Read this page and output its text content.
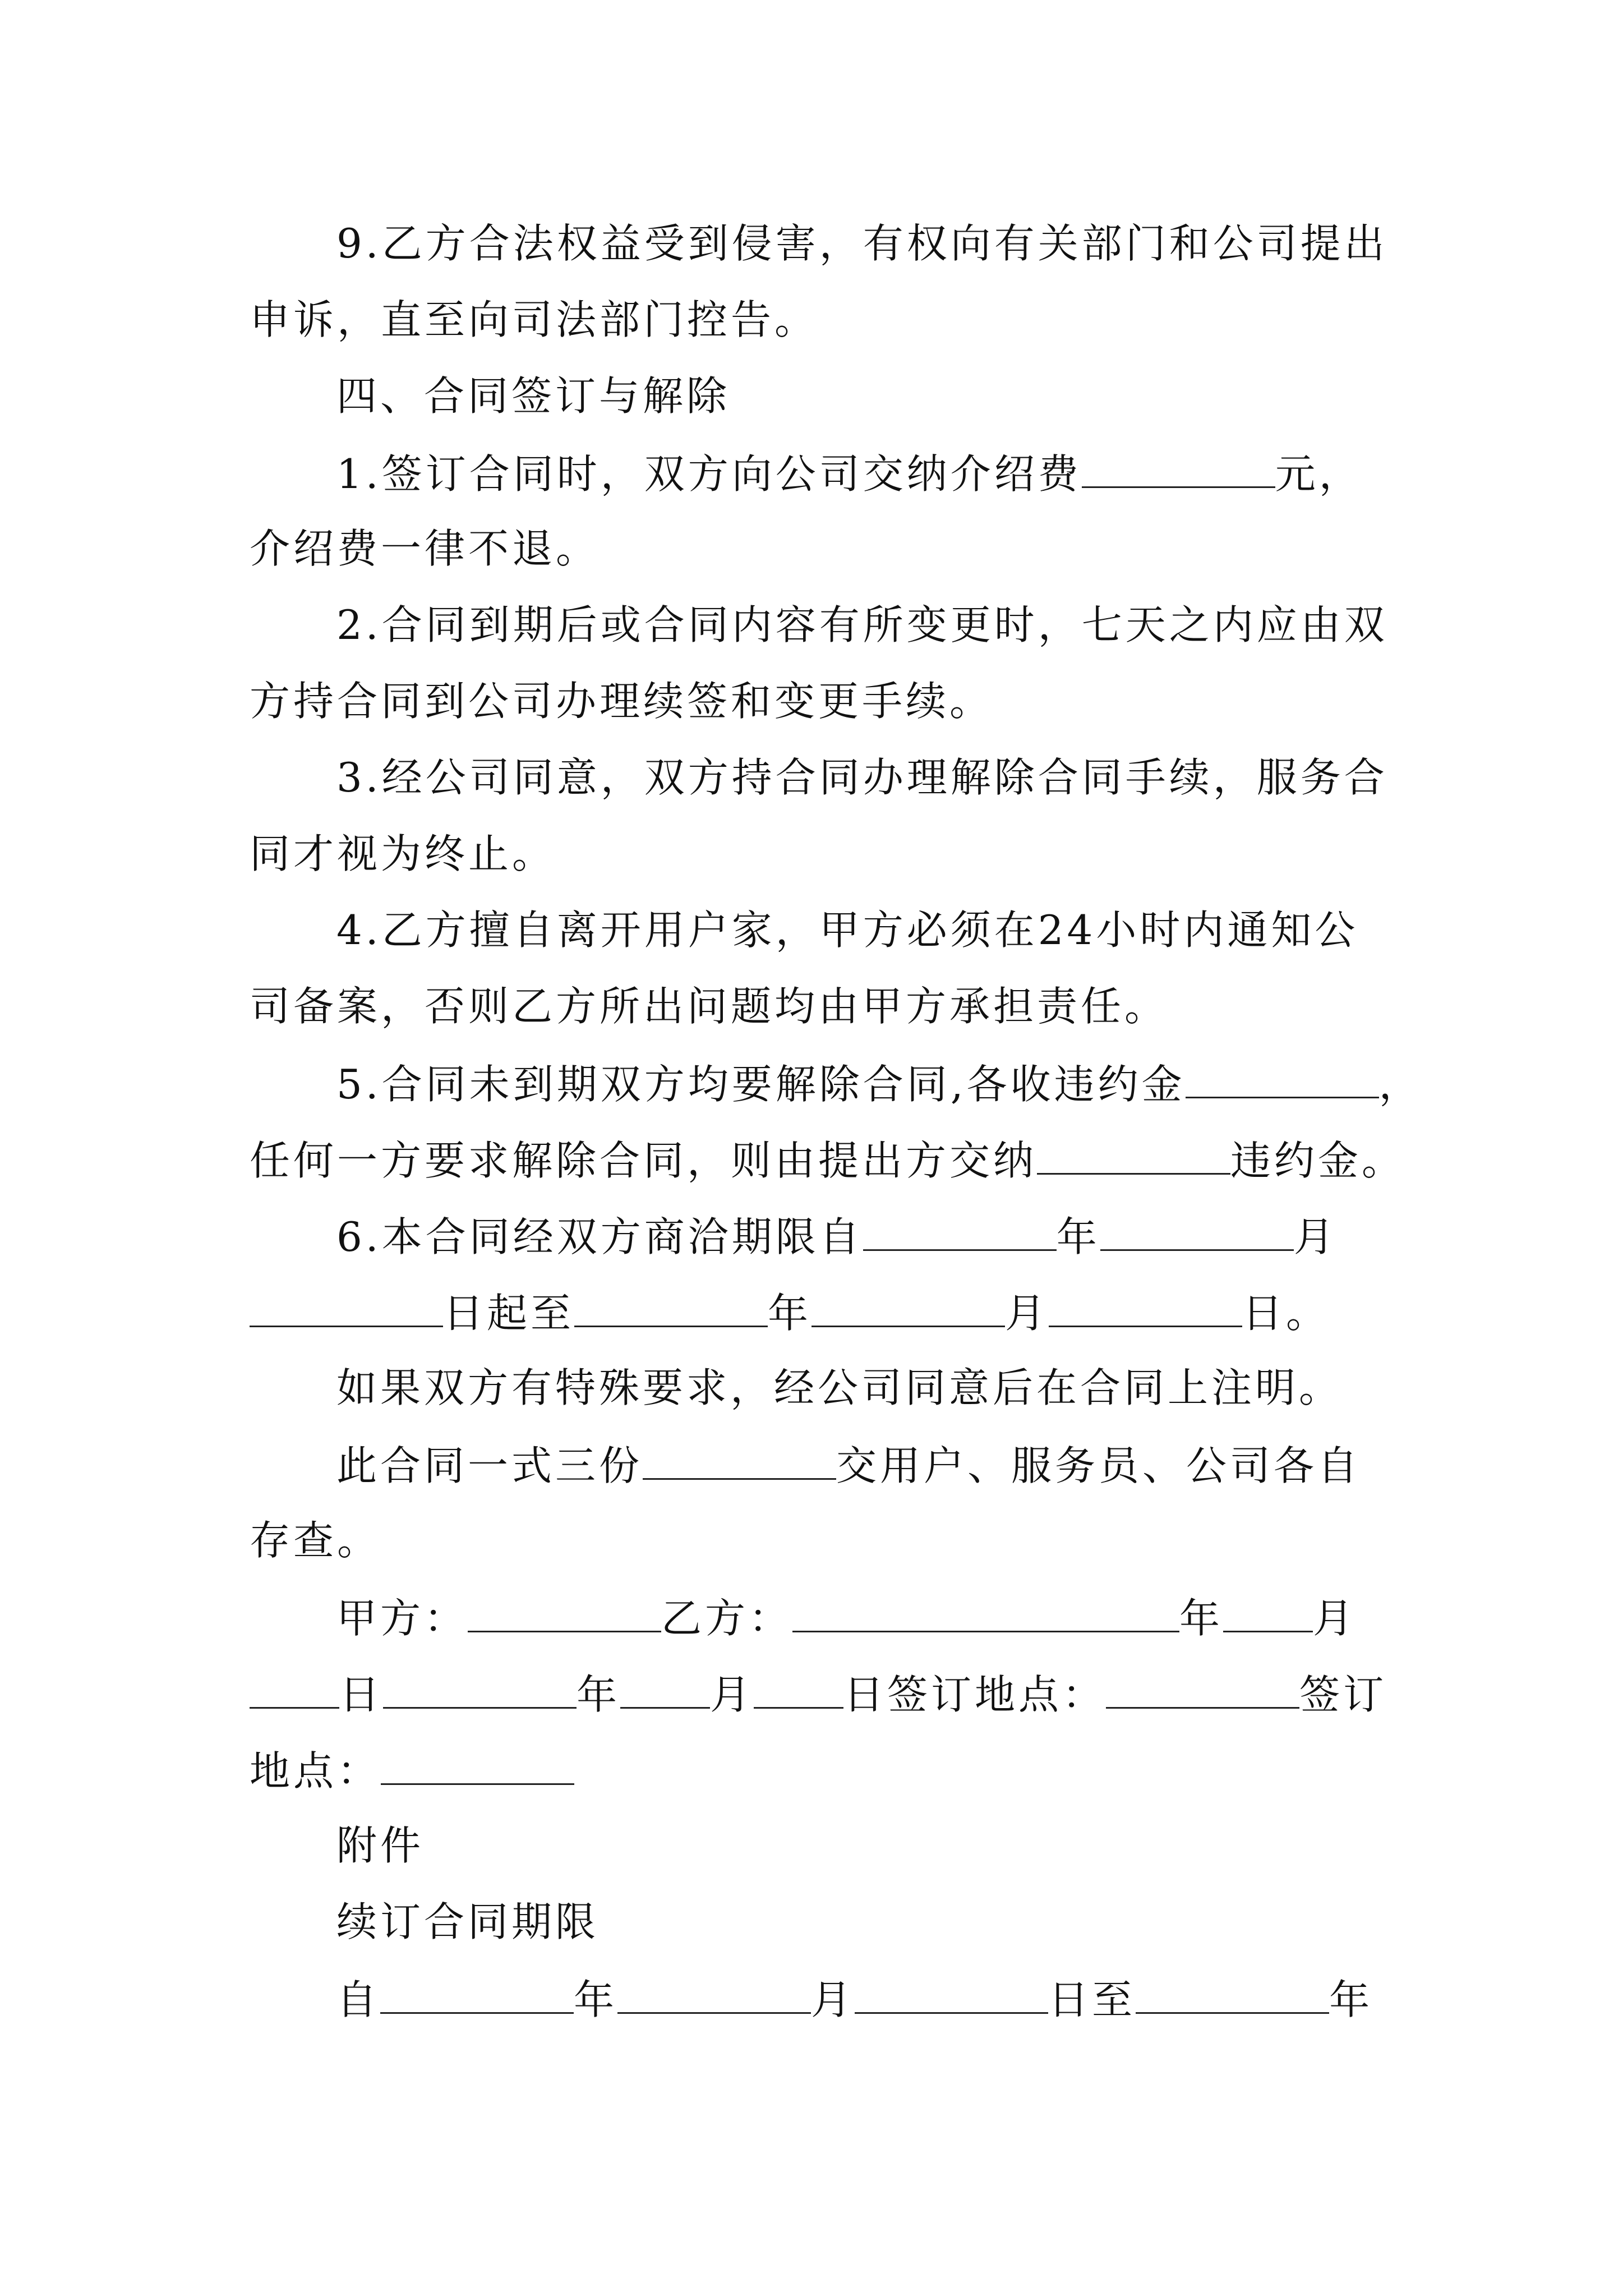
9.乙方合法权益受到侵害，有权向有关部门和公司提出
申诉，直至向司法部门控告。
四、合同签订与解除
1.签订合同时，双方向公司交纳介绍费	元，
介绍费一律不退。
2.合同到期后或合同内容有所变更时，七天之内应由双
方持合同到公司办理续签和变更手续。
3.经公司同意，双方持合同办理解除合同手续，服务合
同才视为终止。
4.乙方擅自离开用户家，甲方必须在24小时内通知公
司备案，否则乙方所出问题均由甲方承担责任。
5.合同未到期双方均要解除合同,各收违约金	，
任何一方要求解除合同，则由提出方交纳	违约金。
6.本合同经双方商洽期限自	年	月
日起至	年	月	日。
如果双方有特殊要求，经公司同意后在合同上注明。
此合同一式三份	交用户、服务员、公司各自
存查。
甲方：	乙方：	年 月
日	年 月 日签订地点：	签订
地点：
附件
续订合同期限
自	年	月	日至	年
